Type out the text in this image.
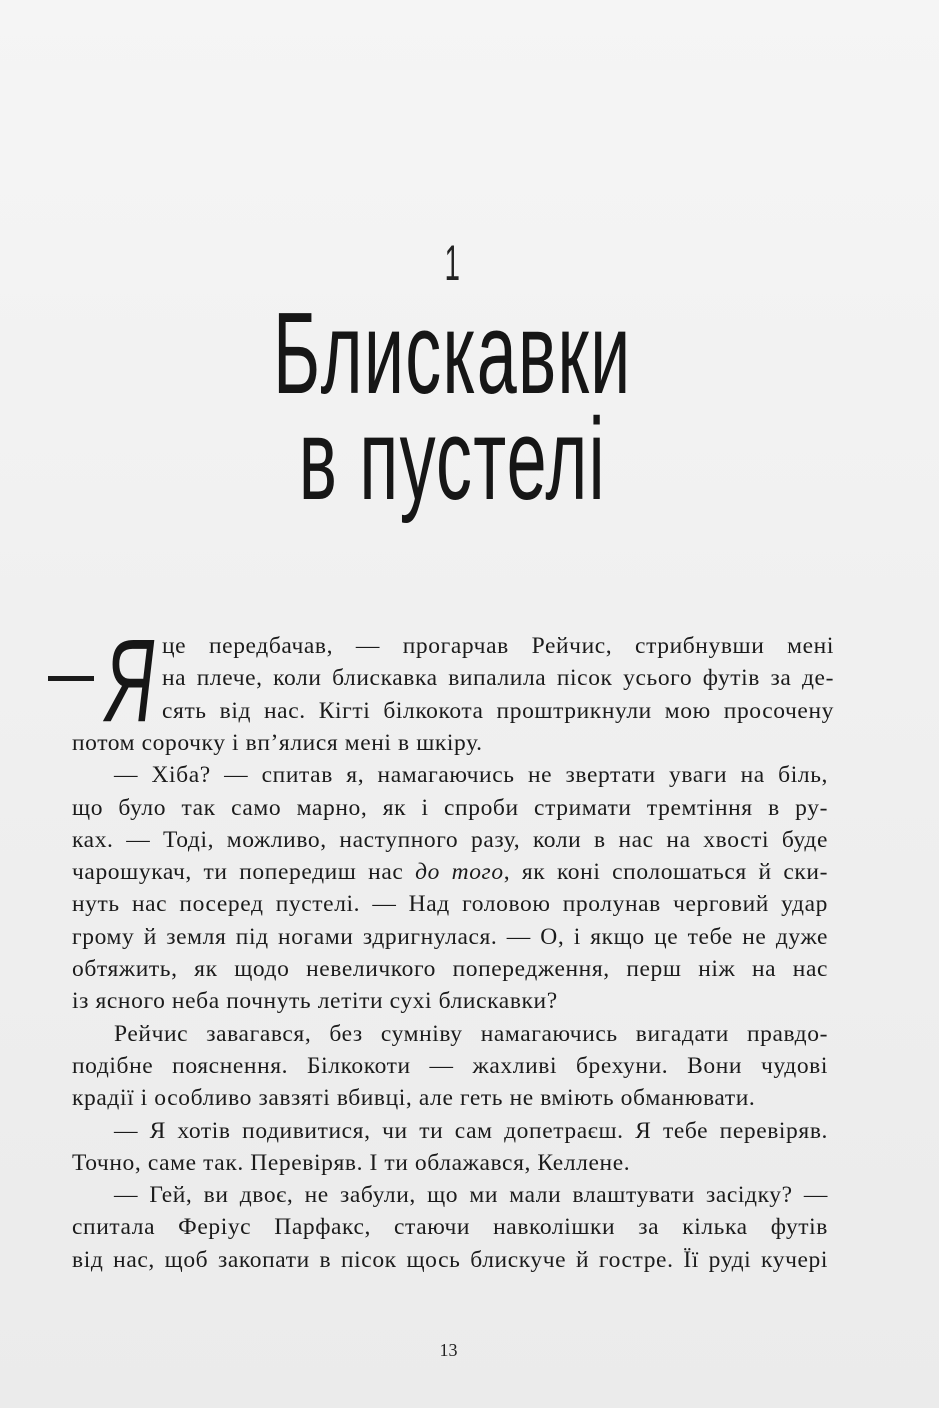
1
Блискавки
в пустелі
Я це передбачав, — прогарчав Рейчис, стрибнувши мені
на плече, коли блискавка випалила пісок усього футів за де-
сять від нас. Кігті білкокота проштрикнули мою просочену
потом сорочку і вп’ялися мені в шкіру.
— Хіба? — спитав я, намагаючись не звертати уваги на біль,
що було так само марно, як і спроби стримати тремтіння в ру-
ках. — Тоді, можливо, наступного разу, коли в нас на хвості буде
чарошукач, ти попередиш нас до того, як коні сполошаться й ски-
нуть нас посеред пустелі. — Над головою пролунав черговий удар
грому й земля під ногами здригнулася. — О, і якщо це тебе не дуже
обтяжить, як щодо невеличкого попередження, перш ніж на нас
із ясного неба почнуть летіти сухі блискавки?
Рейчис завагався, без сумніву намагаючись вигадати правдо-
подібне пояснення. Білкокоти — жахливі брехуни. Вони чудові
крадії і особливо завзяті вбивці, але геть не вміють обманювати.
— Я хотів подивитися, чи ти сам допетраєш. Я тебе перевіряв.
Точно, саме так. Перевіряв. І ти облажався, Келлене.
— Гей, ви двоє, не забули, що ми мали влаштувати засідку? —
спитала Феріус Парфакс, стаючи навколішки за кілька футів
від нас, щоб закопати в пісок щось блискуче й гостре. Її руді кучері
13
